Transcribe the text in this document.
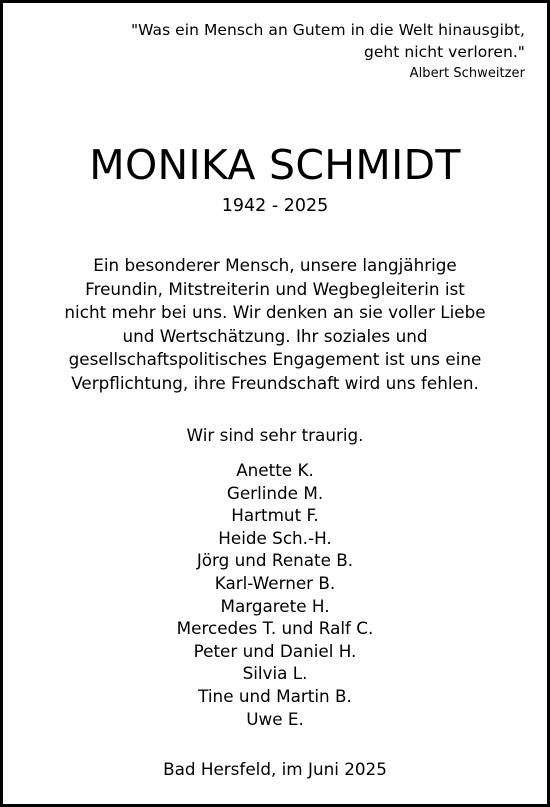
"Was ein Mensch an Gutem in die Welt hinausgibt,
geht nicht verloren."
Albert Schweitzer
MONIKA SCHMIDT
1942 - 2025
Ein besonderer Mensch, unsere langjährige
Freundin, Mitstreiterin und Wegbegleiterin ist
nicht mehr bei uns. Wir denken an sie voller Liebe
und Wertschätzung. Ihr soziales und
gesellschaftspolitisches Engagement ist uns eine
Verpflichtung, ihre Freundschaft wird uns fehlen.
Wir sind sehr traurig.
Anette K.
Gerlinde M.
Hartmut F.
Heide Sch.-H.
Jörg und Renate B.
Karl-Werner B.
Margarete H.
Mercedes T. und Ralf C.
Peter und Daniel H.
Silvia L.
Tine und Martin B.
Uwe E.
Bad Hersfeld, im Juni 2025
